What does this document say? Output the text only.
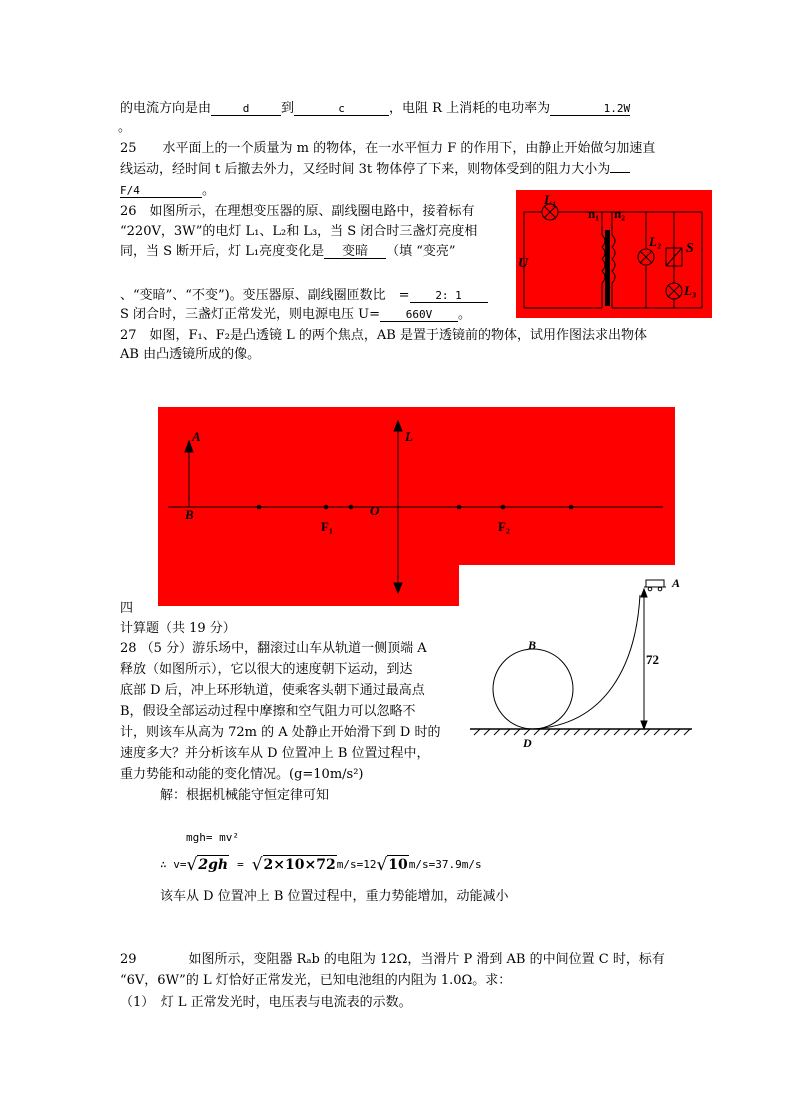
的电流方向是由	d 到	c	，电阻 R 上消耗的电功率为	1.2W
。
25　　水平面上的一个质量为 m 的物体，在一水平恒力 F 的作用下，由静止开始做匀加速直
线运动，经时间 t 后撤去外力，又经时间 3t 物体停了下来，则物体受到的阻力大小为
F/4	。
26　如图所示，在理想变压器的原、副线圈电路中，接着标有
“220V，3W”的电灯 L₁、L₂和 L₃，当 S 闭合时三盏灯亮度相
同，当 S 断开后，灯 L₁亮度变化是 变暗 （填 “变亮”
、“变暗”、“不变”)。变压器原、副线圈匝数比　= 2: 1
S 闭合时，三盏灯正常发光，则电源电压 U= 660V 。
L₁
n₁ n₂
L₂ S
L₃
U
27　如图，F₁、F₂是凸透镜 L 的两个焦点，AB 是置于透镜前的物体，试用作图法求出物体
AB 由凸透镜所成的像。
A
B
L
O
F₁	F₂
四
计算题（共 19 分）
28 （5 分）游乐场中，翻滚过山车从轨道一侧顶端 A
释放（如图所示），它以很大的速度朝下运动，到达
底部 D 后，冲上环形轨道，使乘客头朝下通过最高点
B，假设全部运动过程中摩擦和空气阻力可以忽略不
计，则该车从高为 72m 的 A 处静止开始滑下到 D 时的
速度多大？并分析该车从 D 位置冲上 B 位置过程中，
重力势能和动能的变化情况。(g=10m/s²)
解：根据机械能守恒定律可知
mgh= mv²
∴ v= √ 2gh = √ 2×10×72 m/s=12 √ 10 m/s=37.9m/s
该车从 D 位置冲上 B 位置过程中，重力势能增加，动能减小
B
D
A
72
29　　　　如图所示，变阻器 Rₐb 的电阻为 12Ω，当滑片 P 滑到 AB 的中间位置 C 时，标有
“6V，6W”的 L 灯恰好正常发光，已知电池组的内阻为 1.0Ω。求：
（1）　灯 L 正常发光时，电压表与电流表的示数。
